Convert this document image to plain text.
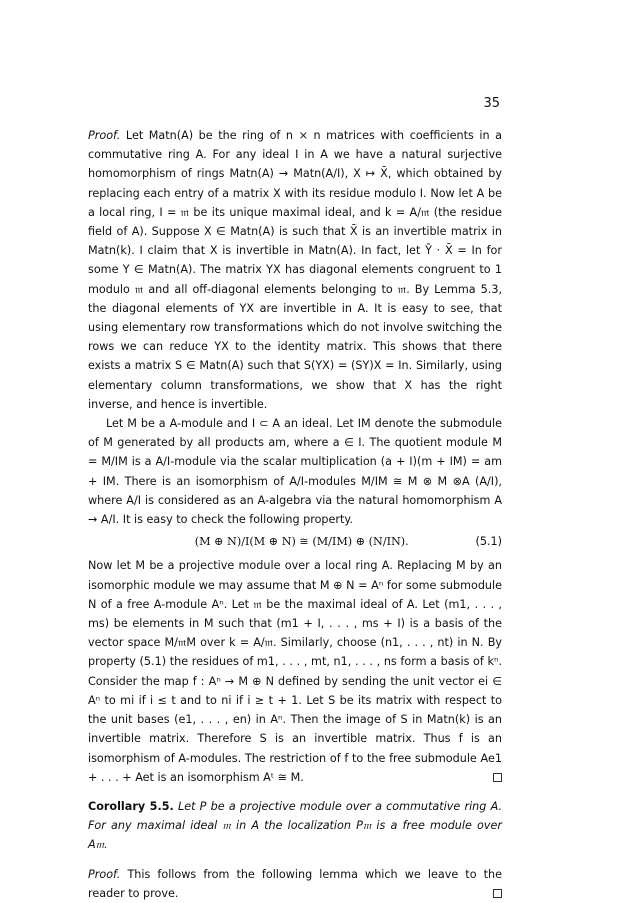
35

Proof. Let Matn(A) be the ring of n × n matrices with coefficients in a commutative ring A. For any ideal I in A we have a natural surjective homomorphism of rings Matn(A) → Matn(A/I), X ↦ X̄, which obtained by replacing each entry of a matrix X with its residue modulo I. Now let A be a local ring, I = 𝔪 be its unique maximal ideal, and k = A/𝔪 (the residue field of A). Suppose X ∈ Matn(A) is such that X̄ is an invertible matrix in Matn(k). I claim that X is invertible in Matn(A). In fact, let Ȳ · X̄ = In for some Y ∈ Matn(A). The matrix YX has diagonal elements congruent to 1 modulo 𝔪 and all off-diagonal elements belonging to 𝔪. By Lemma 5.3, the diagonal elements of YX are invertible in A. It is easy to see, that using elementary row transformations which do not involve switching the rows we can reduce YX to the identity matrix. This shows that there exists a matrix S ∈ Matn(A) such that S(YX) = (SY)X = In. Similarly, using elementary column transformations, we show that X has the right inverse, and hence is invertible.

Let M be a A-module and I ⊂ A an ideal. Let IM denote the submodule of M generated by all products am, where a ∈ I. The quotient module M = M/IM is a A/I-module via the scalar multiplication (a + I)(m + IM) = am + IM. There is an isomorphism of A/I-modules M/IM ≅ M ⊗ M ⊗A (A/I), where A/I is considered as an A-algebra via the natural homomorphism A → A/I. It is easy to check the following property.

(M ⊕ N)/I(M ⊕ N) ≅ (M/IM) ⊕ (N/IN).	(5.1)

Now let M be a projective module over a local ring A. Replacing M by an isomorphic module we may assume that M ⊕ N = Aⁿ for some submodule N of a free A-module Aⁿ. Let 𝔪 be the maximal ideal of A. Let (m1, . . . , ms) be elements in M such that (m1 + I, . . . , ms + I) is a basis of the vector space M/𝔪M over k = A/𝔪. Similarly, choose (n1, . . . , nt) in N. By property (5.1) the residues of m1, . . . , mt, n1, . . . , ns form a basis of kⁿ. Consider the map f : Aⁿ → M ⊕ N defined by sending the unit vector ei ∈ Aⁿ to mi if i ≤ t and to ni if i ≥ t + 1. Let S be its matrix with respect to the unit bases (e1, . . . , en) in Aⁿ. Then the image of S in Matn(k) is an invertible matrix. Therefore S is an invertible matrix. Thus f is an isomorphism of A-modules. The restriction of f to the free submodule Ae1 + . . . + Aet is an isomorphism Aᵗ ≅ M.

Corollary 5.5. Let P be a projective module over a commutative ring A. For any maximal ideal 𝔪 in A the localization P𝔪 is a free module over A𝔪.

Proof. This follows from the following lemma which we leave to the reader to prove.
